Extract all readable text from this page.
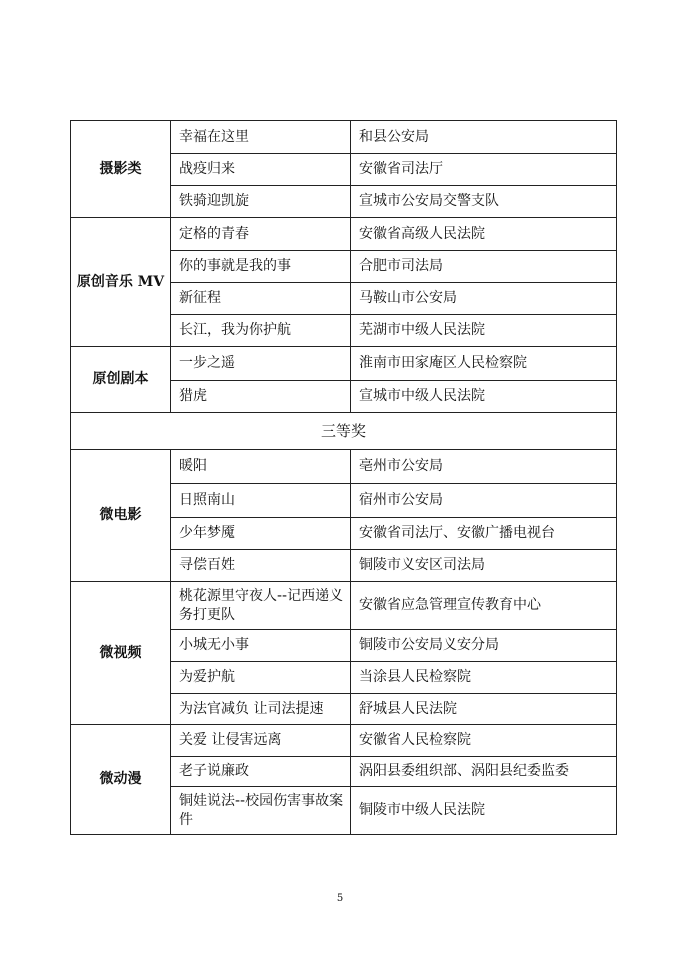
摄影类	幸福在这里	和县公安局
	战疫归来	安徽省司法厅
	铁骑迎凯旋	宣城市公安局交警支队
原创音乐 MV	定格的青春	安徽省高级人民法院
	你的事就是我的事	合肥市司法局
	新征程	马鞍山市公安局
	长江，我为你护航	芜湖市中级人民法院
原创剧本	一步之遥	淮南市田家庵区人民检察院
	猎虎	宣城市中级人民法院
三等奖		
微电影	暖阳	亳州市公安局
	日照南山	宿州市公安局
	少年梦魇	安徽省司法厅、安徽广播电视台
	寻偿百姓	铜陵市义安区司法局
微视频	桃花源里守夜人--记西递义务打更队	安徽省应急管理宣传教育中心
	小城无小事	铜陵市公安局义安分局
	为爱护航	当涂县人民检察院
	为法官减负 让司法提速	舒城县人民法院
微动漫	关爱 让侵害远离	安徽省人民检察院
	老子说廉政	涡阳县委组织部、涡阳县纪委监委
	铜娃说法--校园伤害事故案件	铜陵市中级人民法院
5
